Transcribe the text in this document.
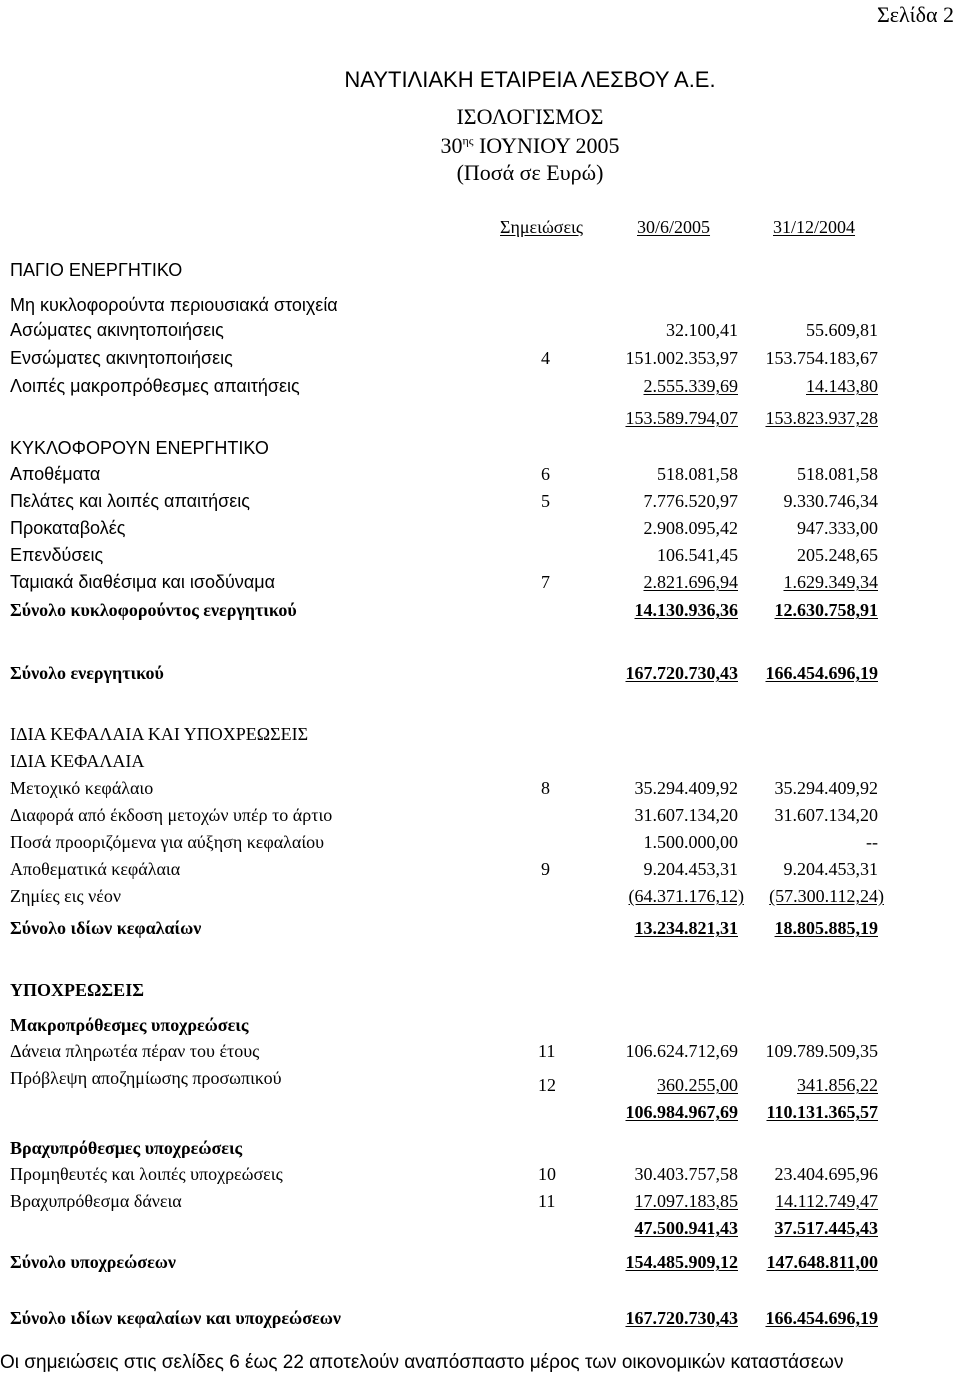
Σελίδα 2
ΝΑΥΤΙΛΙΑΚΗ ΕΤΑΙΡΕΙΑ ΛΕΣΒΟΥ Α.Ε.
ΙΣΟΛΟΓΙΣΜΟΣ
$30^{\eta\varsigma}$ ΙΟΥΝΙΟΥ 2005
(Ποσά σε Ευρώ)
Σημειώσεις	30/6/2005	31/12/2004
ΠΑΓΙΟ ΕΝΕΡΓΗΤΙΚΟ
Μη κυκλοφορούντα περιουσιακά στοιχεία
Ασώματες ακινητοποιήσεις	32.100,41	55.609,81
Ενσώματες ακινητοποιήσεις	4	151.002.353,97 153.754.183,67
Λοιπές μακροπρόθεσμες απαιτήσεις	2.555.339,69	14.143,80
153.589.794,07 153.823.937,28
ΚΥΚΛΟΦΟΡΟΥΝ ΕΝΕΡΓΗΤΙΚΟ
Αποθέματα	6	518.081,58	518.081,58
Πελάτες και λοιπές απαιτήσεις	5	7.776.520,97	9.330.746,34
Προκαταβολές	2.908.095,42	947.333,00
Επενδύσεις	106.541,45	205.248,65
Ταμιακά διαθέσιμα και ισοδύναμα	7	2.821.696,94	1.629.349,34
Σύνολο κυκλοφορούντος ενεργητικού	14.130.936,36 12.630.758,91
Σύνολο ενεργητικού	167.720.730,43 166.454.696,19
ΙΔΙΑ ΚΕΦΑΛΑΙΑ ΚΑΙ ΥΠΟΧΡΕΩΣΕΙΣ
ΙΔΙΑ ΚΕΦΑΛΑΙΑ
Μετοχικό κεφάλαιο	8	35.294.409,92 35.294.409,92
Διαφορά από έκδοση μετοχών υπέρ το άρτιο	31.607.134,20 31.607.134,20
Ποσά προοριζόμενα για αύξηση κεφαλαίου	1.500.000,00	--
Αποθεματικά κεφάλαια	9	9.204.453,31	9.204.453,31
Ζημίες εις νέον	(64.371.176,12) (57.300.112,24)
Σύνολο ιδίων κεφαλαίων	13.234.821,31 18.805.885,19
ΥΠΟΧΡΕΩΣΕΙΣ
Μακροπρόθεσμες υποχρεώσεις
Δάνεια πληρωτέα πέραν του έτους	11	106.624.712,69 109.789.509,35
Πρόβλεψη αποζημίωσης προσωπικού	12	360.255,00	341.856,22
106.984.967,69 110.131.365,57
Βραχυπρόθεσμες υποχρεώσεις
Προμηθευτές και λοιπές υποχρεώσεις	10	30.403.757,58 23.404.695,96
Βραχυπρόθεσμα δάνεια	11	17.097.183,85 14.112.749,47
47.500.941,43 37.517.445,43
Σύνολο υποχρεώσεων	154.485.909,12 147.648.811,00
Σύνολο ιδίων κεφαλαίων και υποχρεώσεων	167.720.730,43 166.454.696,19
Οι σημειώσεις στις σελίδες 6 έως 22 αποτελούν αναπόσπαστο μέρος των οικονομικών καταστάσεων
